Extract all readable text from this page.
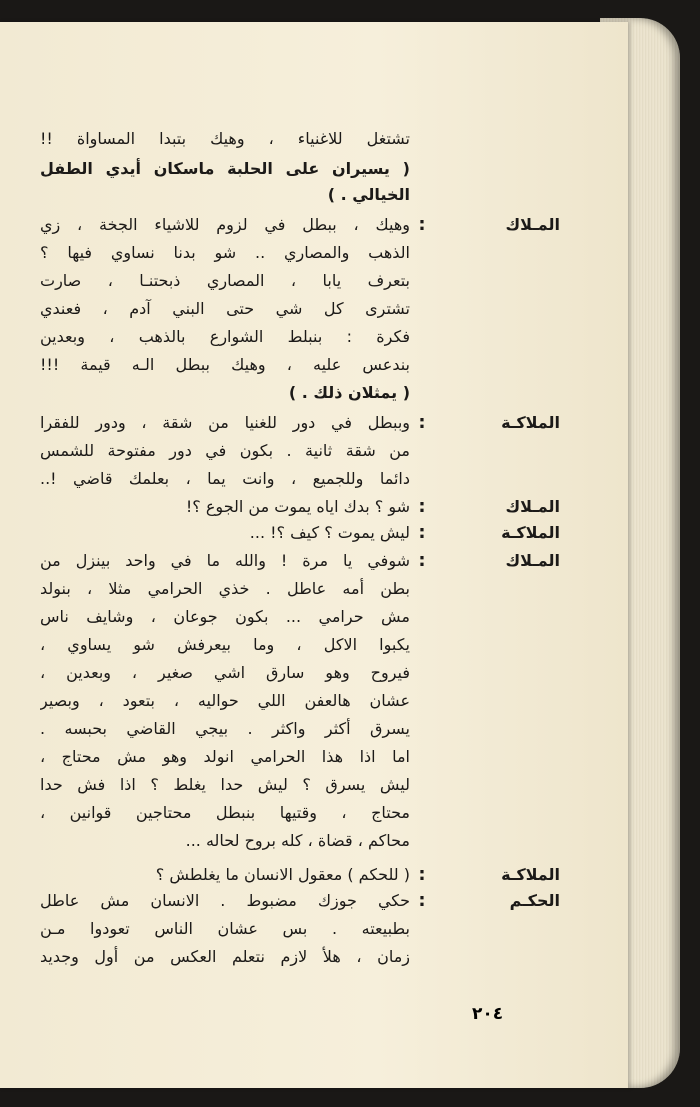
تشتغل للاغنياء ، وهيك بتبدا المساواة !!
( يسيران على الحلبة ماسكان أيدي الطفل
الخيالي . )
المـلاك
:
وهيك ، ببطل في لزوم للاشياء الجخة ، زي
الذهب والمصاري .. شو بدنا نساوي فيها ؟
بتعرف يابا ، المصاري ذبحتنـا ، صارت
تشترى كل شي حتى البني آدم ، فعندي
فكرة : بنبلط الشوارع بالذهب ، وبعدين
بندعس عليه ، وهيك ببطل الـه قيمة !!!
( يمثلان ذلك . )
الملاكـة
:
وببطل في دور للغنيا من شقة ، ودور للفقرا
من شقة ثانية . بكون في دور مفتوحة للشمس
دائما وللجميع ، وانت يما ، بعلمك قاضي !..
المـلاك
:
شو ؟ بدك اياه يموت من الجوع ؟!
الملاكـة
:
ليش يموت ؟ كيف ؟! ...
المـلاك
:
شوفي يا مرة ! والله ما في واحد بينزل من
بطن أمه عاطل . خذي الحرامي مثلا ، بنولد
مش حرامي ... بكون جوعان ، وشايف ناس
يكبوا الاكل ، وما بيعرفش شو يساوي ،
فيروح وهو سارق اشي صغير ، وبعدين ،
عشان هالعفن اللي حواليه ، بتعود ، وبصير
يسرق أكثر واكثر . بيجي القاضي بحبسه .
اما اذا هذا الحرامي انولد وهو مش محتاج ،
ليش يسرق ؟ ليش حدا يغلط ؟ اذا فش حدا
محتاج ، وقتيها بنبطل محتاجين قوانين ،
محاكم ، قضاة ، كله بروح لحاله ...
الملاكـة
:
( للحكم ) معقول الانسان ما يغلطش ؟
الحكـم
:
حكي جوزك مضبوط . الانسان مش عاطل
بطبيعته . بس عشان الناس تعودوا مـن
زمان ، هلأ لازم نتعلم العكس من أول وجديد
٢٠٤
